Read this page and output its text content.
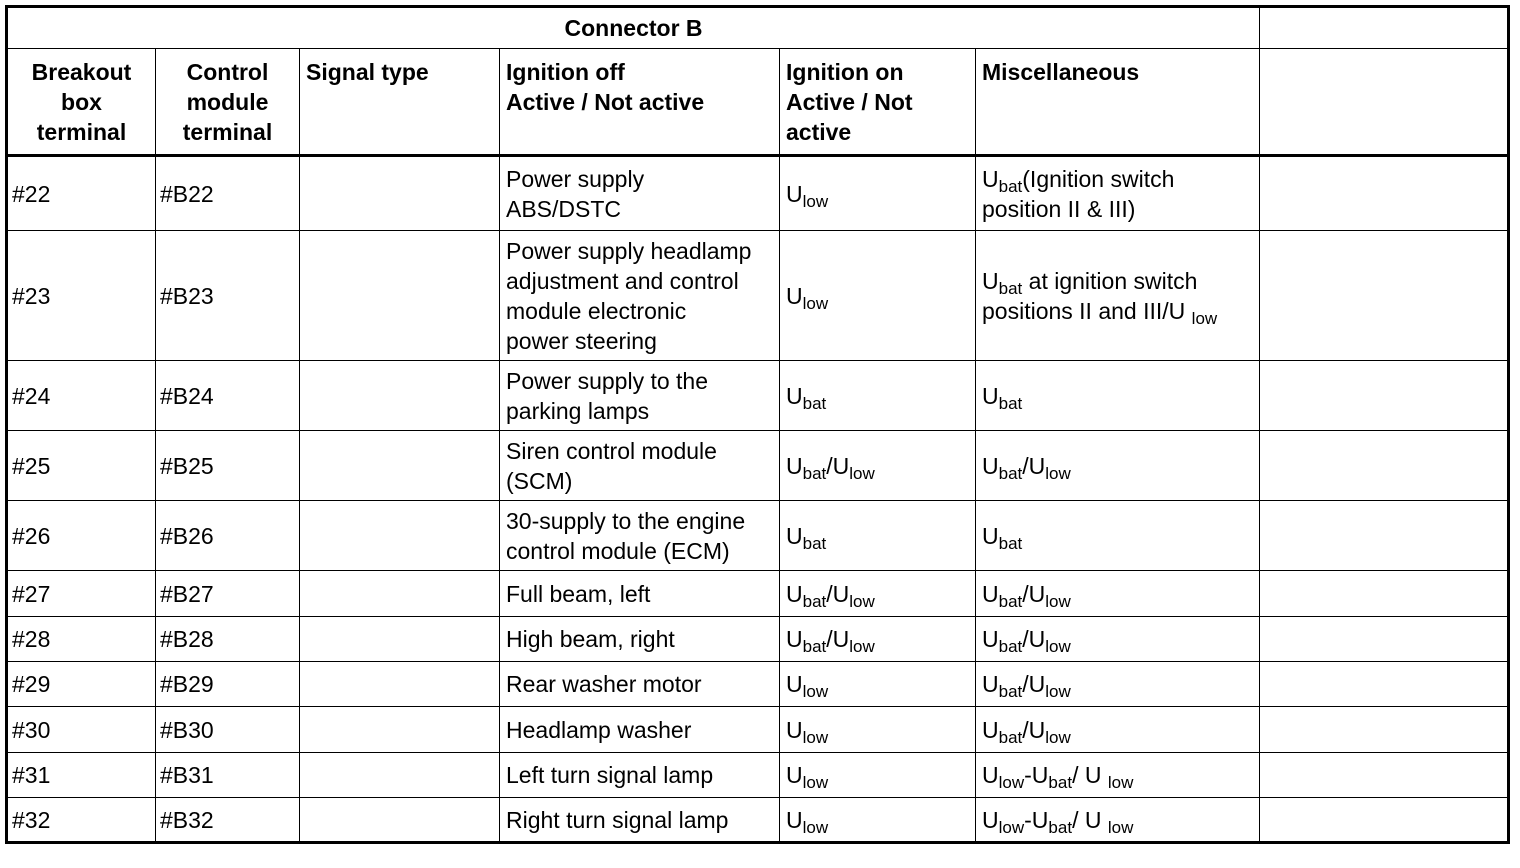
Connector B						
Breakout
box
terminal	Control
module
terminal	Signal type	Ignition off
Active / Not active	Ignition on
Active / Not
active	Miscellaneous	
#22	#B22		Power supply
ABS/DSTC	$U_{low}$	$U_{bat}(Ignition$ switch
position II & III)	
#23	#B23		Power supply headlamp
adjustment and control
module electronic
power steering	$U_{low}$	$U_{bat}$ at ignition switch
positions II and III/U $_{low}$	
#24	#B24		Power supply to the
parking lamps	$U_{bat}$	$U_{bat}$	
#25	#B25		Siren control module
(SCM)	$U_{bat}/U_{low}$	$U_{bat}/U_{low}$	
#26	#B26		30-supply to the engine
control module (ECM)	$U_{bat}$	$U_{bat}$	
#27	#B27		Full beam, left	$U_{bat}/U_{low}$	$U_{bat}/U_{low}$	
#28	#B28		High beam, right	$U_{bat}/U_{low}$	$U_{bat}/U_{low}$	
#29	#B29		Rear washer motor	$U_{low}$	$U_{bat}/U_{low}$	
#30	#B30		Headlamp washer	$U_{low}$	$U_{bat}/U_{low}$	
#31	#B31		Left turn signal lamp	$U_{low}$	$U_{low}-U_{bat}/$ U $_{low}$	
#32	#B32		Right turn signal lamp	$U_{low}$	$U_{low}-U_{bat}/$ U $_{low}$	
